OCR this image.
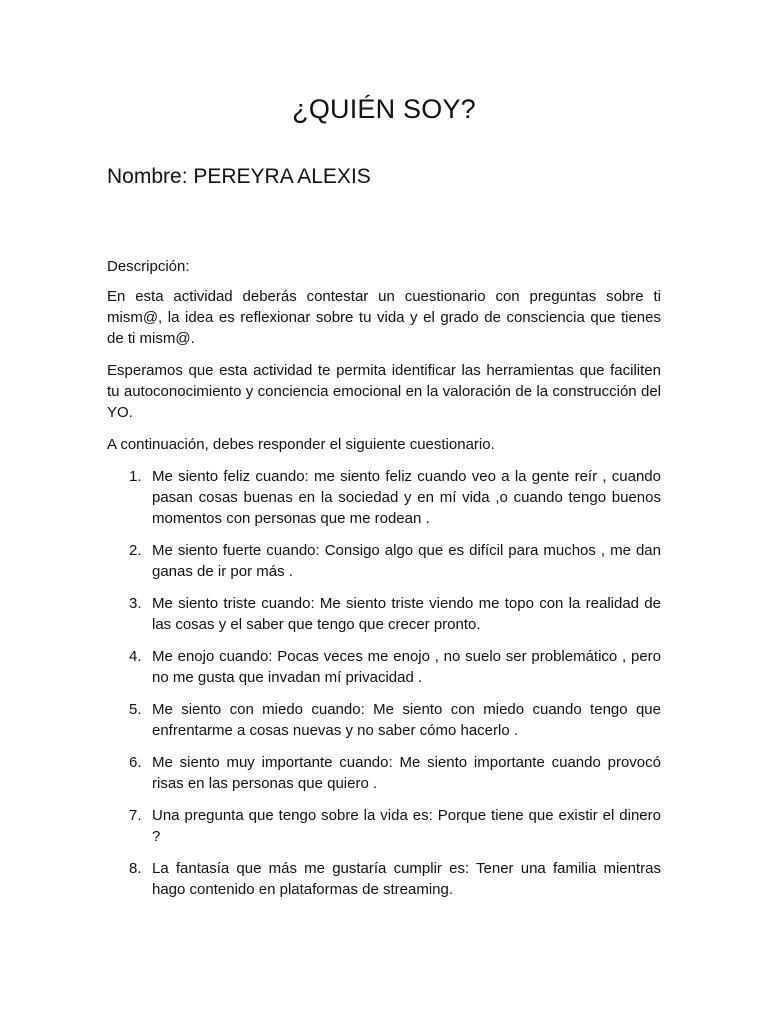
¿QUIÉN SOY?
Nombre: PEREYRA ALEXIS

Descripción:

En esta actividad deberás contestar un cuestionario con preguntas sobre ti mism@, la idea es reflexionar sobre tu vida y el grado de consciencia que tienes de ti mism@.

Esperamos que esta actividad te permita identificar las herramientas que faciliten tu autoconocimiento y conciencia emocional en la valoración de la construcción del YO.

A continuación, debes responder el siguiente cuestionario.

1. Me siento feliz cuando: me siento feliz cuando veo a la gente reír , cuando pasan cosas buenas en la sociedad y en mí vida ,o cuando tengo buenos momentos con personas que me rodean .
2. Me siento fuerte cuando: Consigo algo que es difícil para muchos , me dan ganas de ir por más .
3. Me siento triste cuando: Me siento triste viendo me topo con la realidad de las cosas y el saber que tengo que crecer pronto.
4. Me enojo cuando: Pocas veces me enojo , no suelo ser problemático , pero no me gusta que invadan mí privacidad .
5. Me siento con miedo cuando: Me siento con miedo cuando tengo que enfrentarme a cosas nuevas y no saber cómo hacerlo .
6. Me siento muy importante cuando: Me siento importante cuando provocó risas en las personas que quiero .
7. Una pregunta que tengo sobre la vida es: Porque tiene que existir el dinero ?
8. La fantasía que más me gustaría cumplir es: Tener una familia mientras hago contenido en plataformas de streaming.
